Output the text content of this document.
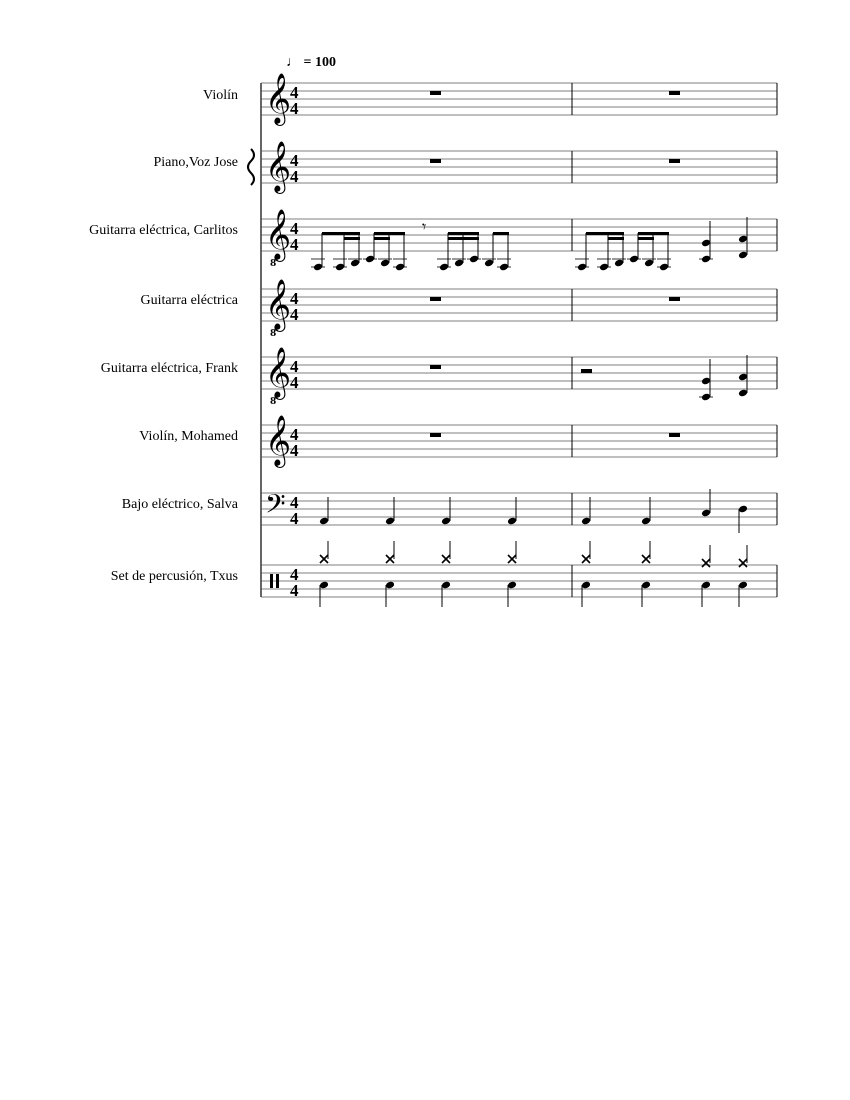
♩ = 100
Violín
Piano,Voz Jose
Guitarra eléctrica, Carlitos
Guitarra eléctrica
Guitarra eléctrica, Frank
Violín, Mohamed
Bajo eléctrico, Salva
Set de percusión, Txus
𝄞
4
4
𝄞
4
4
𝄞
8
4
4
𝄾
𝄞
8
4
4
𝄞
8
4
4
𝄞
4
4
𝄢 4
4
4
4
